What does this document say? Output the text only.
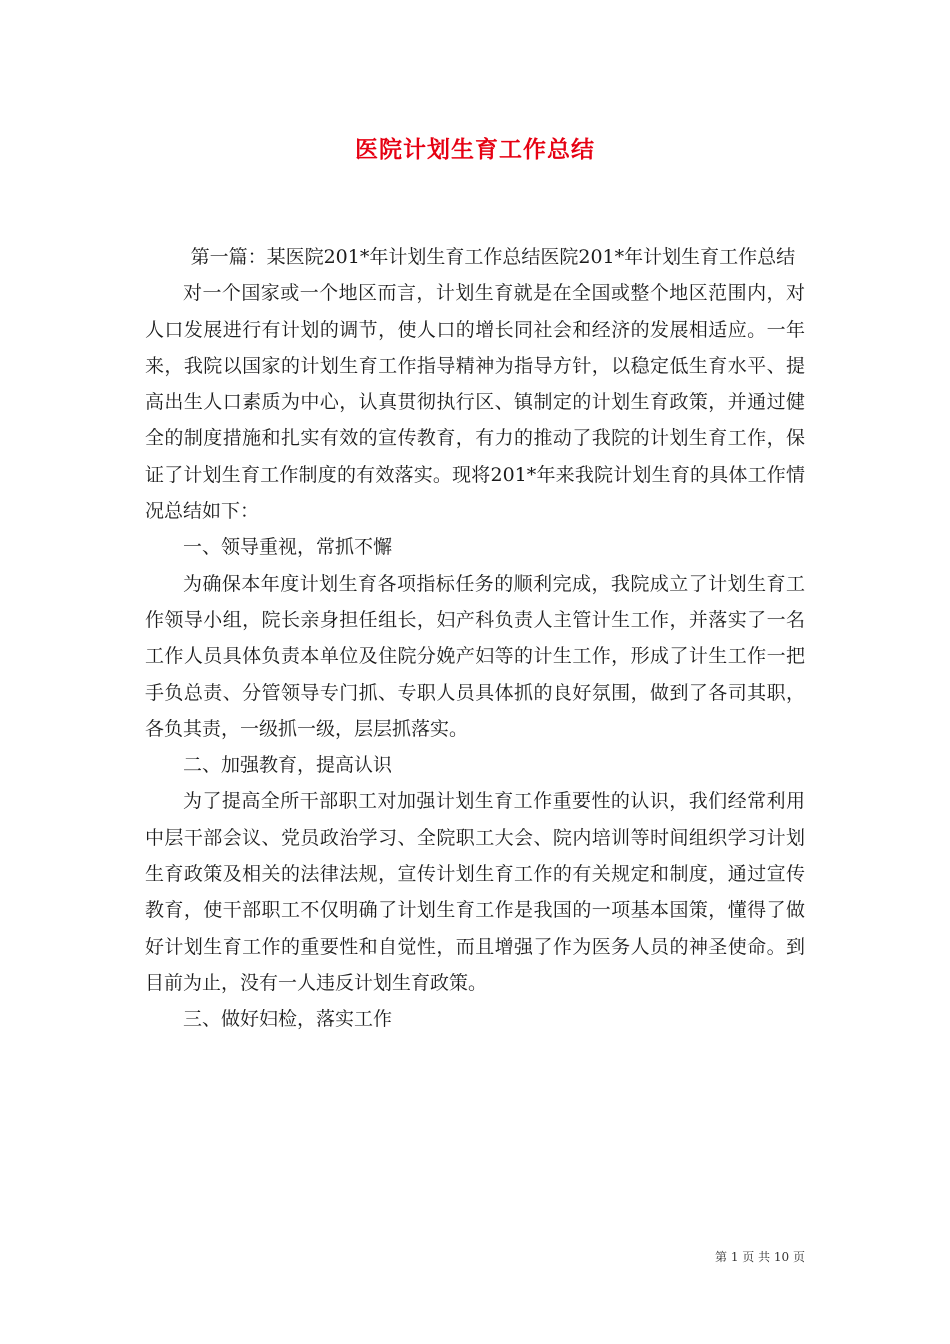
医院计划生育工作总结

第一篇：某医院201*年计划生育工作总结医院201*年计划生育工作总结

对一个国家或一个地区而言，计划生育就是在全国或整个地区范围内，对人口发展进行有计划的调节，使人口的增长同社会和经济的发展相适应。一年来，我院以国家的计划生育工作指导精神为指导方针，以稳定低生育水平、提高出生人口素质为中心，认真贯彻执行区、镇制定的计划生育政策，并通过健全的制度措施和扎实有效的宣传教育，有力的推动了我院的计划生育工作，保证了计划生育工作制度的有效落实。现将201*年来我院计划生育的具体工作情况总结如下：

一、领导重视，常抓不懈

为确保本年度计划生育各项指标任务的顺利完成，我院成立了计划生育工作领导小组，院长亲身担任组长，妇产科负责人主管计生工作，并落实了一名工作人员具体负责本单位及住院分娩产妇等的计生工作，形成了计生工作一把手负总责、分管领导专门抓、专职人员具体抓的良好氛围，做到了各司其职，各负其责，一级抓一级，层层抓落实。

二、加强教育，提高认识

为了提高全所干部职工对加强计划生育工作重要性的认识，我们经常利用中层干部会议、党员政治学习、全院职工大会、院内培训等时间组织学习计划生育政策及相关的法律法规，宣传计划生育工作的有关规定和制度，通过宣传教育，使干部职工不仅明确了计划生育工作是我国的一项基本国策，懂得了做好计划生育工作的重要性和自觉性，而且增强了作为医务人员的神圣使命。到目前为止，没有一人违反计划生育政策。

三、做好妇检，落实工作

第 1 页 共 10 页
